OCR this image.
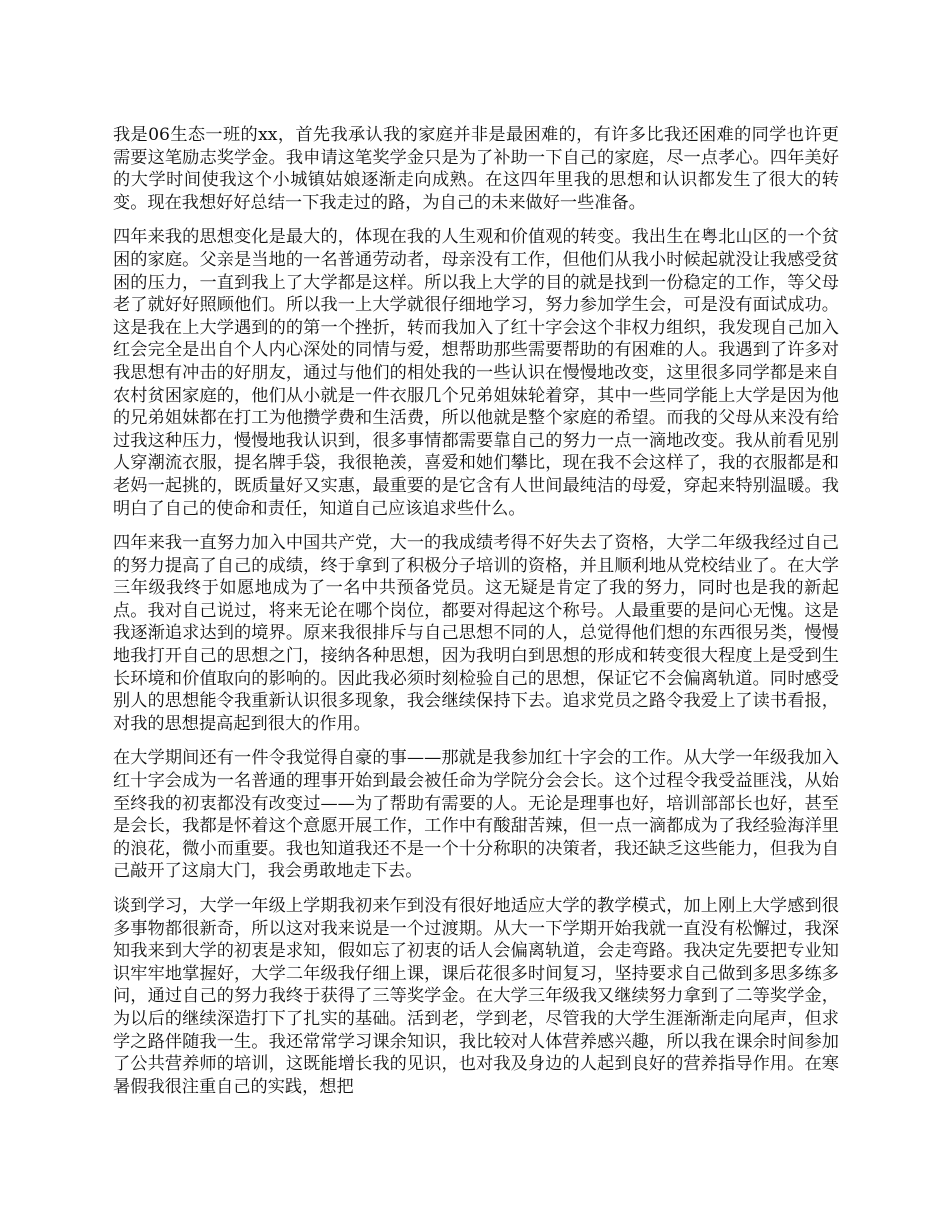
我是06生态一班的xx，首先我承认我的家庭并非是最困难的，有许多比我还困难的同学也许更需要这笔励志奖学金。我申请这笔奖学金只是为了补助一下自己的家庭，尽一点孝心。四年美好的大学时间使我这个小城镇姑娘逐渐走向成熟。在这四年里我的思想和认识都发生了很大的转变。现在我想好好总结一下我走过的路，为自己的未来做好一些准备。

四年来我的思想变化是最大的，体现在我的人生观和价值观的转变。我出生在粤北山区的一个贫困的家庭。父亲是当地的一名普通劳动者，母亲没有工作，但他们从我小时候起就没让我感受贫困的压力，一直到我上了大学都是这样。所以我上大学的目的就是找到一份稳定的工作，等父母老了就好好照顾他们。所以我一上大学就很仔细地学习，努力参加学生会，可是没有面试成功。这是我在上大学遇到的的第一个挫折，转而我加入了红十字会这个非权力组织，我发现自己加入红会完全是出自个人内心深处的同情与爱，想帮助那些需要帮助的有困难的人。我遇到了许多对我思想有冲击的好朋友，通过与他们的相处我的一些认识在慢慢地改变，这里很多同学都是来自农村贫困家庭的，他们从小就是一件衣服几个兄弟姐妹轮着穿，其中一些同学能上大学是因为他的兄弟姐妹都在打工为他攒学费和生活费，所以他就是整个家庭的希望。而我的父母从来没有给过我这种压力，慢慢地我认识到，很多事情都需要靠自己的努力一点一滴地改变。我从前看见别人穿潮流衣服，提名牌手袋，我很艳羡，喜爱和她们攀比，现在我不会这样了，我的衣服都是和老妈一起挑的，既质量好又实惠，最重要的是它含有人世间最纯洁的母爱，穿起来特别温暖。我明白了自己的使命和责任，知道自己应该追求些什么。

四年来我一直努力加入中国共产党，大一的我成绩考得不好失去了资格，大学二年级我经过自己的努力提高了自己的成绩，终于拿到了积极分子培训的资格，并且顺利地从党校结业了。在大学三年级我终于如愿地成为了一名中共预备党员。这无疑是肯定了我的努力，同时也是我的新起点。我对自己说过，将来无论在哪个岗位，都要对得起这个称号。人最重要的是问心无愧。这是我逐渐追求达到的境界。原来我很排斥与自己思想不同的人，总觉得他们想的东西很另类，慢慢地我打开自己的思想之门，接纳各种思想，因为我明白到思想的形成和转变很大程度上是受到生长环境和价值取向的影响的。因此我必须时刻检验自己的思想，保证它不会偏离轨道。同时感受别人的思想能令我重新认识很多现象，我会继续保持下去。追求党员之路令我爱上了读书看报，对我的思想提高起到很大的作用。

在大学期间还有一件令我觉得自豪的事——那就是我参加红十字会的工作。从大学一年级我加入红十字会成为一名普通的理事开始到最会被任命为学院分会会长。这个过程令我受益匪浅，从始至终我的初衷都没有改变过——为了帮助有需要的人。无论是理事也好，培训部部长也好，甚至是会长，我都是怀着这个意愿开展工作，工作中有酸甜苦辣，但一点一滴都成为了我经验海洋里的浪花，微小而重要。我也知道我还不是一个十分称职的决策者，我还缺乏这些能力，但我为自己敲开了这扇大门，我会勇敢地走下去。

谈到学习，大学一年级上学期我初来乍到没有很好地适应大学的教学模式，加上刚上大学感到很多事物都很新奇，所以这对我来说是一个过渡期。从大一下学期开始我就一直没有松懈过，我深知我来到大学的初衷是求知，假如忘了初衷的话人会偏离轨道，会走弯路。我决定先要把专业知识牢牢地掌握好，大学二年级我仔细上课，课后花很多时间复习，坚持要求自己做到多思多练多问，通过自己的努力我终于获得了三等奖学金。在大学三年级我又继续努力拿到了二等奖学金，为以后的继续深造打下了扎实的基础。活到老，学到老，尽管我的大学生涯渐渐走向尾声，但求学之路伴随我一生。我还常常学习课余知识，我比较对人体营养感兴趣，所以我在课余时间参加了公共营养师的培训，这既能增长我的见识，也对我及身边的人起到良好的营养指导作用。在寒暑假我很注重自己的实践，想把
